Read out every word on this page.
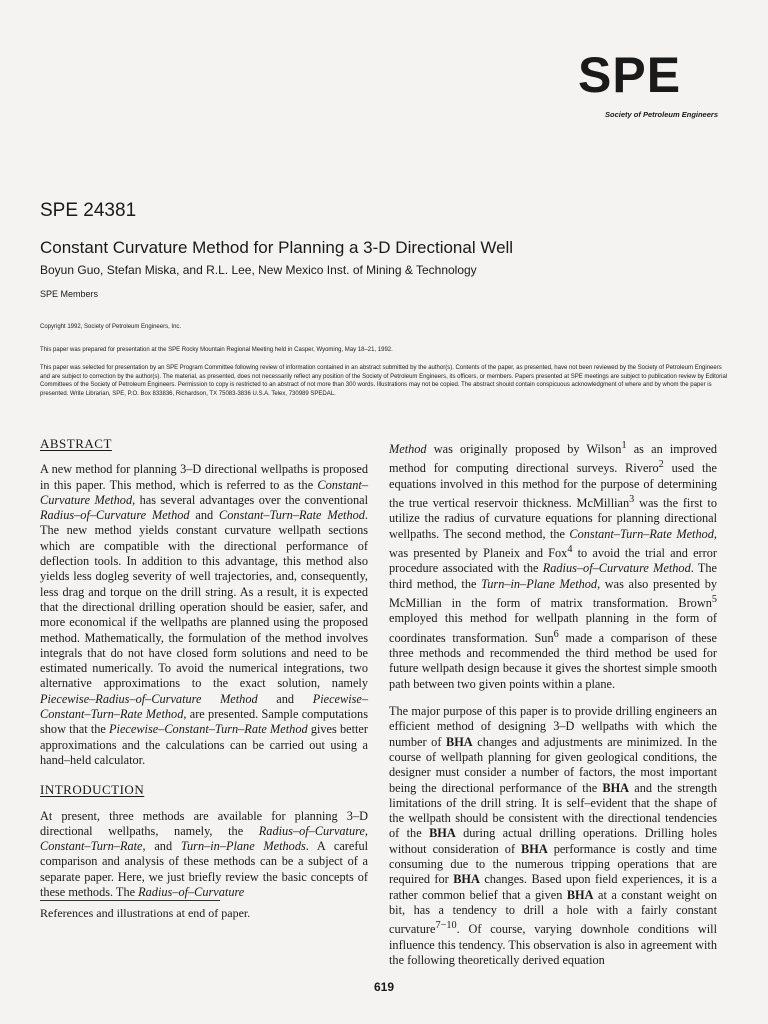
SPE
Society of Petroleum Engineers
SPE 24381
Constant Curvature Method for Planning a 3-D Directional Well
Boyun Guo, Stefan Miska, and R.L. Lee, New Mexico Inst. of Mining & Technology
SPE Members
Copyright 1992, Society of Petroleum Engineers, Inc.
This paper was prepared for presentation at the SPE Rocky Mountain Regional Meeting held in Casper, Wyoming, May 18–21, 1992.
This paper was selected for presentation by an SPE Program Committee following review of information contained in an abstract submitted by the author(s). Contents of the paper, as presented, have not been reviewed by the Society of Petroleum Engineers and are subject to correction by the author(s). The material, as presented, does not necessarily reflect any position of the Society of Petroleum Engineers, its officers, or members. Papers presented at SPE meetings are subject to publication review by Editorial Committees of the Society of Petroleum Engineers. Permission to copy is restricted to an abstract of not more than 300 words. Illustrations may not be copied. The abstract should contain conspicuous acknowledgment of where and by whom the paper is presented. Write Librarian, SPE, P.O. Box 833836, Richardson, TX 75083-3836 U.S.A. Telex, 730989 SPEDAL.
ABSTRACT

A new method for planning 3–D directional wellpaths is proposed in this paper. This method, which is referred to as the Constant–Curvature Method, has several advantages over the conventional Radius–of–Curvature Method and Constant–Turn–Rate Method. The new method yields constant curvature wellpath sections which are compatible with the directional performance of deflection tools. In addition to this advantage, this method also yields less dogleg severity of well trajectories, and, consequently, less drag and torque on the drill string. As a result, it is expected that the directional drilling operation should be easier, safer, and more economical if the wellpaths are planned using the proposed method. Mathematically, the formulation of the method involves integrals that do not have closed form solutions and need to be estimated numerically. To avoid the numerical integrations, two alternative approximations to the exact solution, namely Piecewise–Radius–of–Curvature Method and Piecewise–Constant–Turn–Rate Method, are presented. Sample computations show that the Piecewise–Constant–Turn–Rate Method gives better approximations and the calculations can be carried out using a hand–held calculator.

INTRODUCTION

At present, three methods are available for planning 3–D directional wellpaths, namely, the Radius–of–Curvature, Constant–Turn–Rate, and Turn–in–Plane Methods. A careful comparison and analysis of these methods can be a subject of a separate paper. Here, we just briefly review the basic concepts of these methods. The Radius–of–Curvature

Method was originally proposed by Wilson$^1$ as an improved method for computing directional surveys. Rivero$^2$ used the equations involved in this method for the purpose of determining the true vertical reservoir thickness. McMillian$^3$ was the first to utilize the radius of curvature equations for planning directional wellpaths. The second method, the Constant–Turn–Rate Method, was presented by Planeix and Fox$^4$ to avoid the trial and error procedure associated with the Radius–of–Curvature Method. The third method, the Turn–in–Plane Method, was also presented by McMillian in the form of matrix transformation. Brown$^5$ employed this method for wellpath planning in the form of coordinates transformation. Sun$^6$ made a comparison of these three methods and recommended the third method be used for future wellpath design because it gives the shortest simple smooth path between two given points within a plane.

The major purpose of this paper is to provide drilling engineers an efficient method of designing 3–D wellpaths with which the number of BHA changes and adjustments are minimized. In the course of wellpath planning for given geological conditions, the designer must consider a number of factors, the most important being the directional performance of the BHA and the strength limitations of the drill string. It is self–evident that the shape of the wellpath should be consistent with the directional tendencies of the BHA during actual drilling operations. Drilling holes without consideration of BHA performance is costly and time consuming due to the numerous tripping operations that are required for BHA changes. Based upon field experiences, it is a rather common belief that a given BHA at a constant weight on bit, has a tendency to drill a hole with a fairly constant curvature$^{7-10}$. Of course, varying downhole conditions will influence this tendency. This observation is also in agreement with the following theoretically derived equation

References and illustrations at end of paper.
619
